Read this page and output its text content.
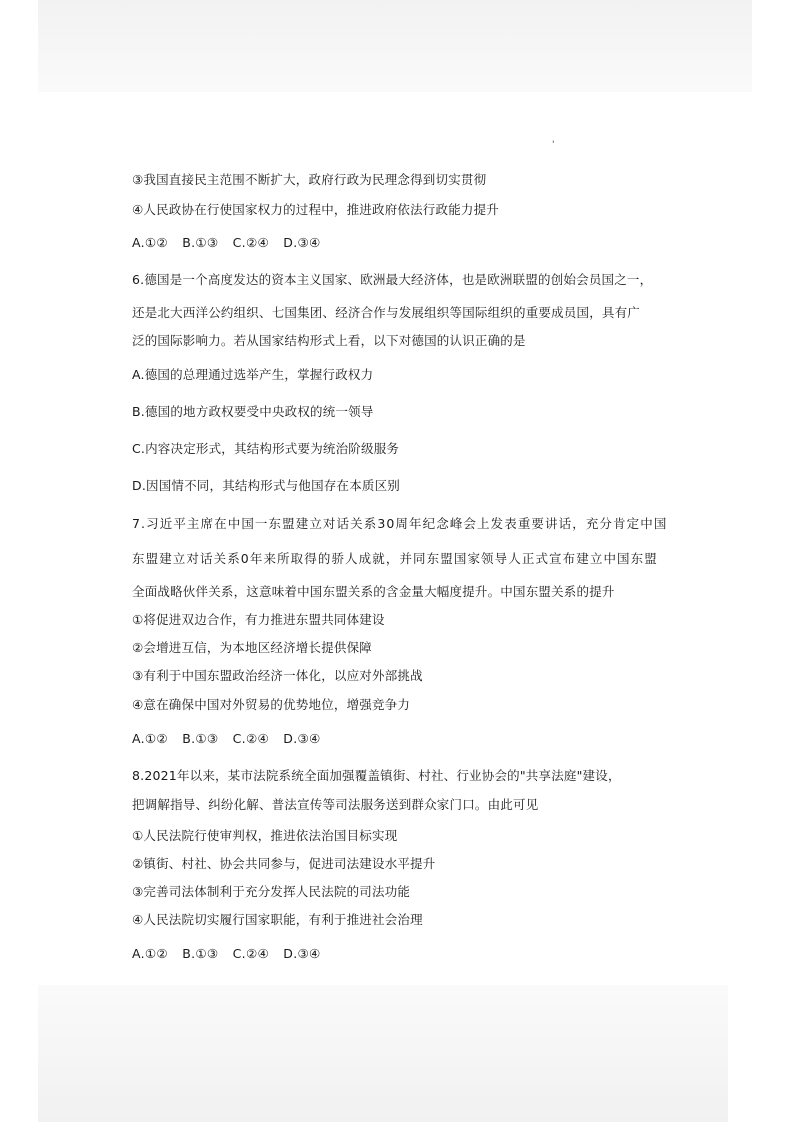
'
③我国直接民主范围不断扩大，政府行政为民理念得到切实贯彻
④人民政协在行使国家权力的过程中，推进政府依法行政能力提升
A.①② B.①③ C.②④ D.③④
6.德国是一个高度发达的资本主义国家、欧洲最大经济体，也是欧洲联盟的创始会员国之一，
还是北大西洋公约组织、七国集团、经济合作与发展组织等国际组织的重要成员国，具有广
泛的国际影响力。若从国家结构形式上看，以下对德国的认识正确的是
A.德国的总理通过选举产生，掌握行政权力
B.德国的地方政权要受中央政权的统一领导
C.内容决定形式，其结构形式要为统治阶级服务
D.因国情不同，其结构形式与他国存在本质区别
7.习近平主席在中国一东盟建立对话关系30周年纪念峰会上发表重要讲话，充分肯定中国
东盟建立对话关系0年来所取得的骄人成就，并同东盟国家领导人正式宣布建立中国东盟
全面战略伙伴关系，这意味着中国东盟关系的含金量大幅度提升。中国东盟关系的提升
①将促进双边合作，有力推进东盟共同体建设
②会增进互信，为本地区经济增长提供保障
③有利于中国东盟政治经济一体化，以应对外部挑战
④意在确保中国对外贸易的优势地位，增强竞争力
A.①② B.①③ C.②④ D.③④
8.2021年以来，某市法院系统全面加强覆盖镇街、村社、行业协会的"共享法庭"建设，
把调解指导、纠纷化解、普法宣传等司法服务送到群众家门口。由此可见
①人民法院行使审判权，推进依法治国目标实现
②镇街、村社、协会共同参与，促进司法建设水平提升
③完善司法体制利于充分发挥人民法院的司法功能
④人民法院切实履行国家职能，有利于推进社会治理
A.①② B.①③ C.②④ D.③④
